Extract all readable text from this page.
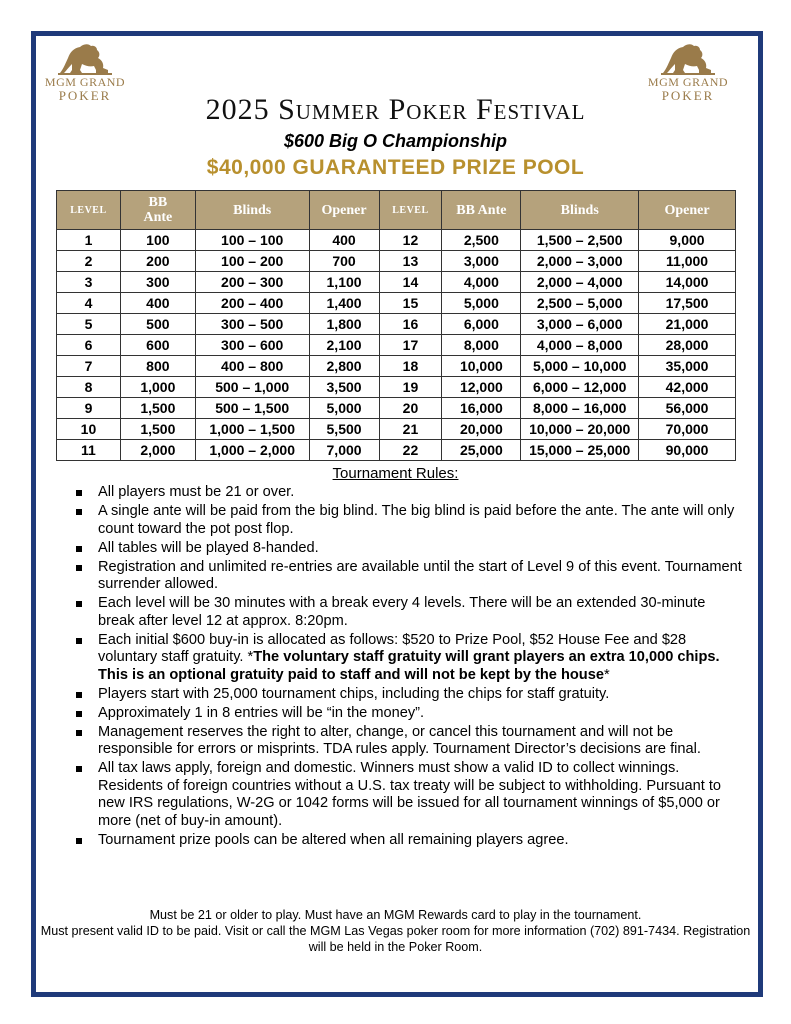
MGM GRAND
POKER
MGM GRAND
POKER
2025 Summer Poker Festival
$600 Big O Championship
$40,000 GUARANTEED PRIZE POOL
LEVEL	BB
Ante	Blinds	Opener	LEVEL	BB Ante	Blinds	Opener
1	100	100 – 100	400	12	2,500	1,500 – 2,500	9,000
2	200	100 – 200	700	13	3,000	2,000 – 3,000	11,000
3	300	200 – 300	1,100	14	4,000	2,000 – 4,000	14,000
4	400	200 – 400	1,400	15	5,000	2,500 – 5,000	17,500
5	500	300 – 500	1,800	16	6,000	3,000 – 6,000	21,000
6	600	300 – 600	2,100	17	8,000	4,000 – 8,000	28,000
7	800	400 – 800	2,800	18	10,000	5,000 – 10,000	35,000
8	1,000	500 – 1,000	3,500	19	12,000	6,000 – 12,000	42,000
9	1,500	500 – 1,500	5,000	20	16,000	8,000 – 16,000	56,000
10	1,500	1,000 – 1,500	5,500	21	20,000	10,000 – 20,000	70,000
11	2,000	1,000 – 2,000	7,000	22	25,000	15,000 – 25,000	90,000
Tournament Rules:
All players must be 21 or over.
A single ante will be paid from the big blind. The big blind is paid before the ante. The ante will only count toward the pot post flop.
All tables will be played 8-handed.
Registration and unlimited re-entries are available until the start of Level 9 of this event. Tournament surrender allowed.
Each level will be 30 minutes with a break every 4 levels. There will be an extended 30-minute break after level 12 at approx. 8:20pm.
Each initial $600 buy-in is allocated as follows: $520 to Prize Pool, $52 House Fee and $28 voluntary staff gratuity. *The voluntary staff gratuity will grant players an extra 10,000 chips. This is an optional gratuity paid to staff and will not be kept by the house*
Players start with 25,000 tournament chips, including the chips for staff gratuity.
Approximately 1 in 8 entries will be “in the money”.
Management reserves the right to alter, change, or cancel this tournament and will not be responsible for errors or misprints. TDA rules apply. Tournament Director’s decisions are final.
All tax laws apply, foreign and domestic. Winners must show a valid ID to collect winnings. Residents of foreign countries without a U.S. tax treaty will be subject to withholding. Pursuant to new IRS regulations, W-2G or 1042 forms will be issued for all tournament winnings of $5,000 or more (net of buy-in amount).
Tournament prize pools can be altered when all remaining players agree.
Must be 21 or older to play. Must have an MGM Rewards card to play in the tournament.
Must present valid ID to be paid. Visit or call the MGM Las Vegas poker room for more information (702) 891-7434. Registration will be held in the Poker Room.
